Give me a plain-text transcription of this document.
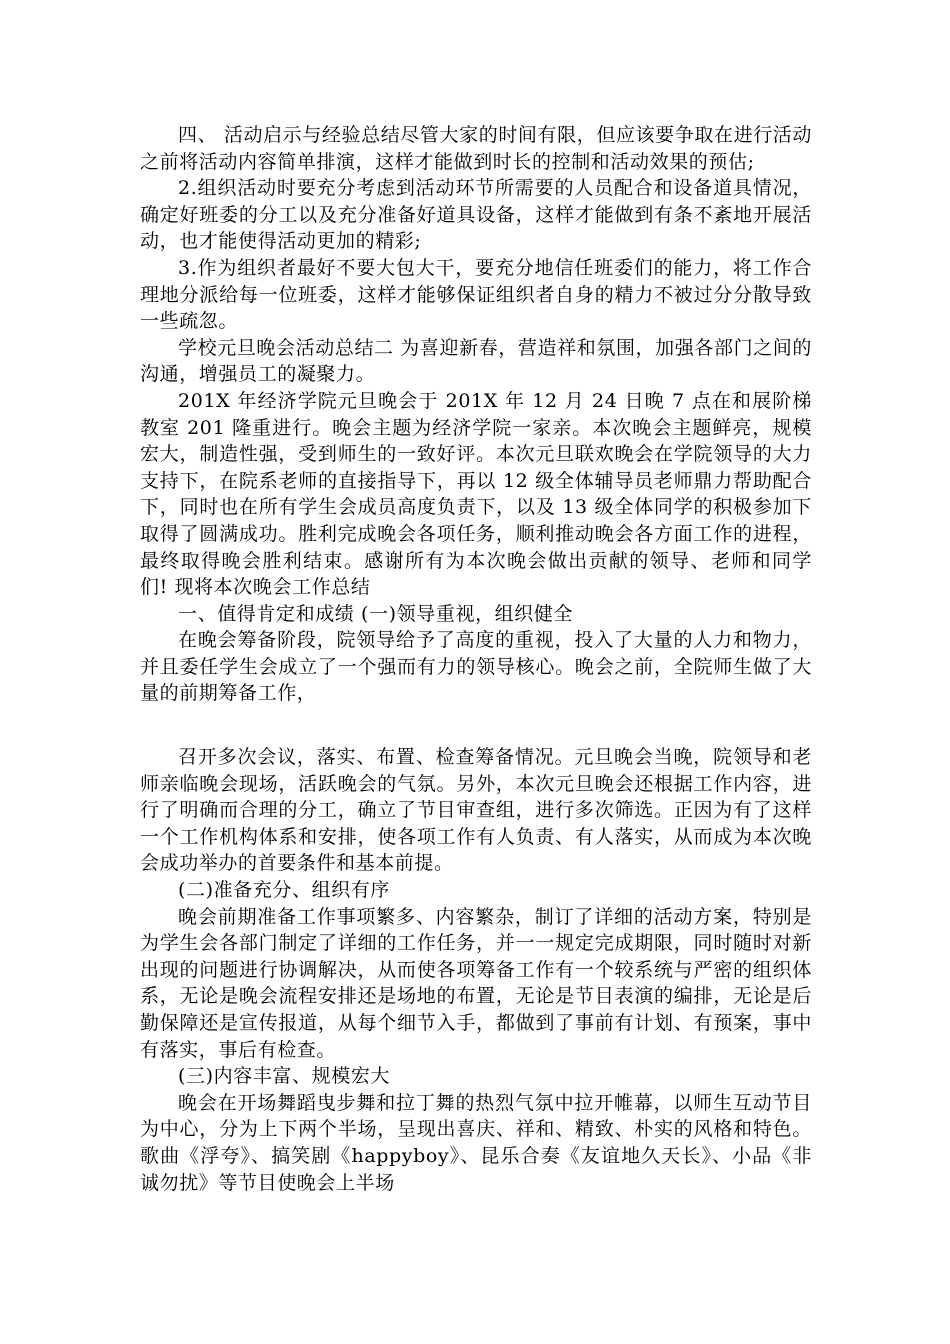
四、 活动启示与经验总结尽管大家的时间有限，但应该要争取在进行活动之前将活动内容简单排演，这样才能做到时长的控制和活动效果的预估;

2.组织活动时要充分考虑到活动环节所需要的人员配合和设备道具情况，确定好班委的分工以及充分准备好道具设备，这样才能做到有条不紊地开展活动，也才能使得活动更加的精彩;

3.作为组织者最好不要大包大干，要充分地信任班委们的能力，将工作合理地分派给每一位班委，这样才能够保证组织者自身的精力不被过分分散导致一些疏忽。

学校元旦晚会活动总结二 为喜迎新春，营造祥和氛围，加强各部门之间的沟通，增强员工的凝聚力。

201X 年经济学院元旦晚会于 201X 年 12 月 24 日晚 7 点在和展阶梯教室 201 隆重进行。晚会主题为经济学院一家亲。本次晚会主题鲜亮，规模宏大，制造性强，受到师生的一致好评。本次元旦联欢晚会在学院领导的大力支持下，在院系老师的直接指导下，再以 12 级全体辅导员老师鼎力帮助配合下，同时也在所有学生会成员高度负责下，以及 13 级全体同学的积极参加下取得了圆满成功。胜利完成晚会各项任务，顺利推动晚会各方面工作的进程，最终取得晚会胜利结束。感谢所有为本次晚会做出贡献的领导、老师和同学们! 现将本次晚会工作总结

一、值得肯定和成绩 (一)领导重视，组织健全

在晚会筹备阶段，院领导给予了高度的重视，投入了大量的人力和物力，并且委任学生会成立了一个强而有力的领导核心。晚会之前，全院师生做了大量的前期筹备工作，

召开多次会议，落实、布置、检查筹备情况。元旦晚会当晚，院领导和老师亲临晚会现场，活跃晚会的气氛。另外，本次元旦晚会还根据工作内容，进行了明确而合理的分工，确立了节目审查组，进行多次筛选。正因为有了这样一个工作机构体系和安排，使各项工作有人负责、有人落实，从而成为本次晚会成功举办的首要条件和基本前提。

(二)准备充分、组织有序

晚会前期准备工作事项繁多、内容繁杂，制订了详细的活动方案，特别是为学生会各部门制定了详细的工作任务，并一一规定完成期限，同时随时对新出现的问题进行协调解决，从而使各项筹备工作有一个较系统与严密的组织体系，无论是晚会流程安排还是场地的布置，无论是节目表演的编排，无论是后勤保障还是宣传报道，从每个细节入手，都做到了事前有计划、有预案，事中有落实，事后有检查。

(三)内容丰富、规模宏大

晚会在开场舞蹈曳步舞和拉丁舞的热烈气氛中拉开帷幕，以师生互动节目为中心，分为上下两个半场，呈现出喜庆、祥和、精致、朴实的风格和特色。歌曲《浮夸》、搞笑剧《happyboy》、昆乐合奏《友谊地久天长》、小品《非诚勿扰》等节目使晚会上半场
